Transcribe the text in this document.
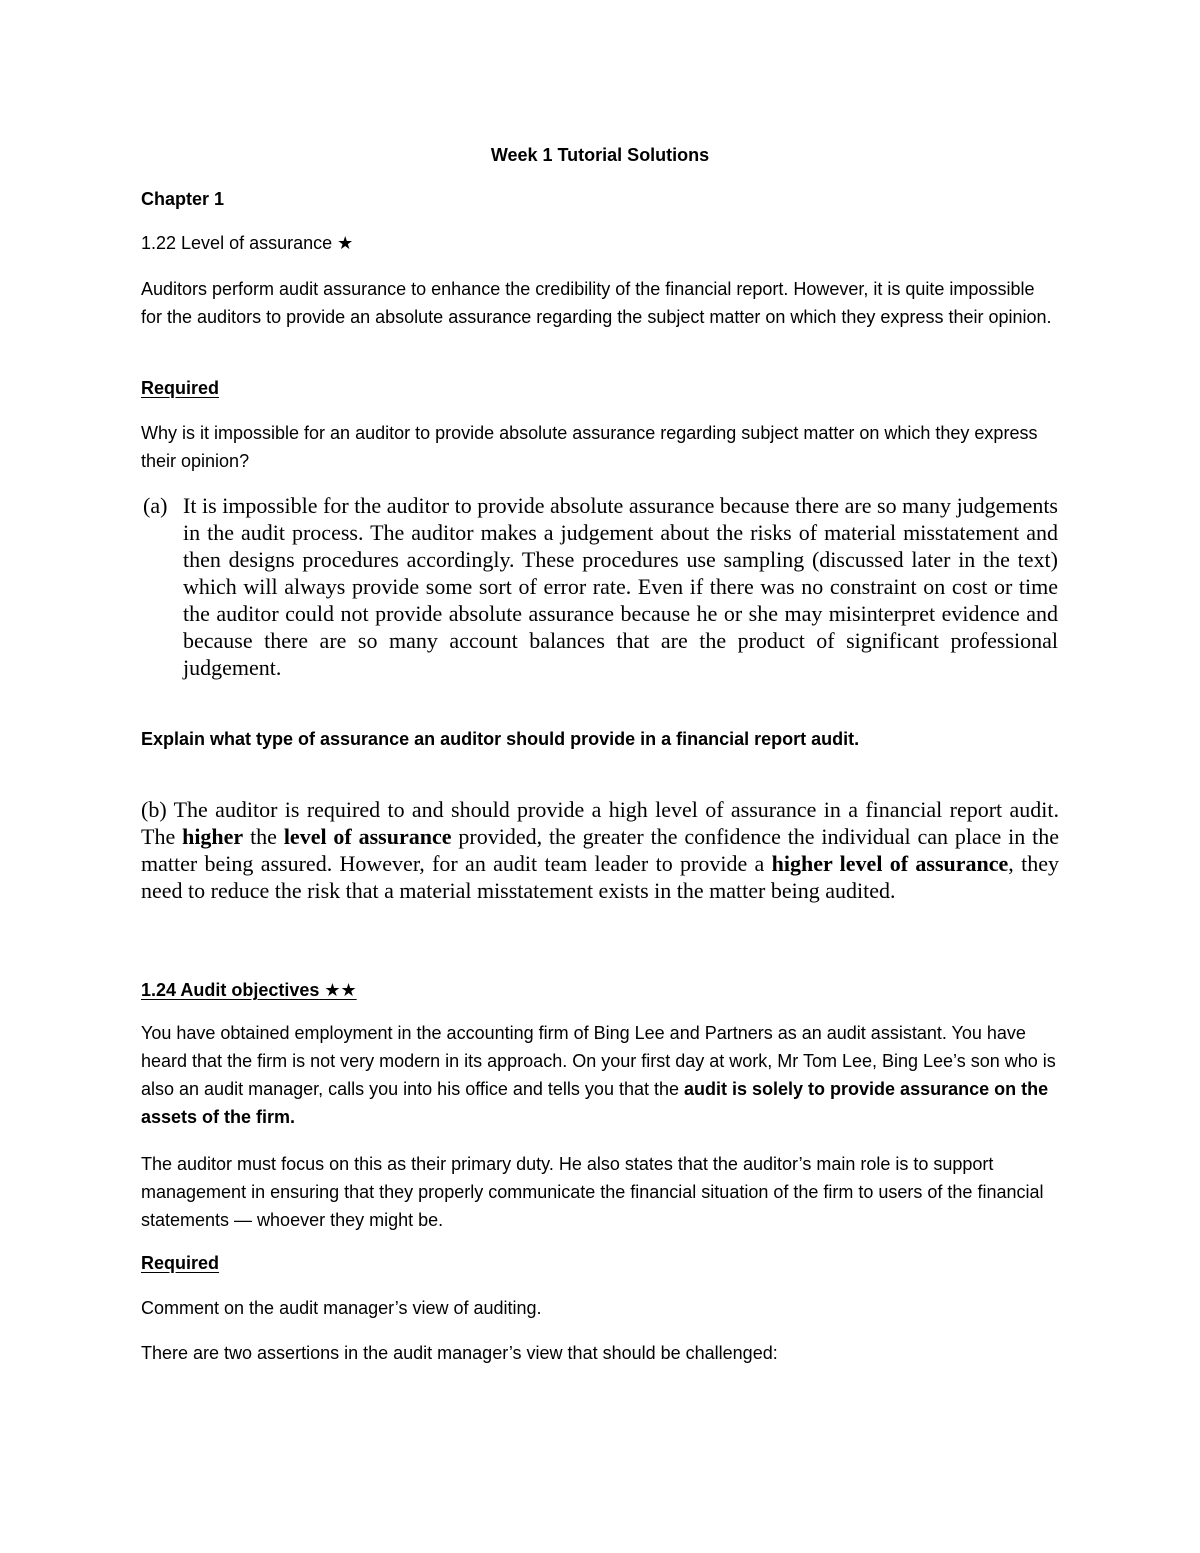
Week 1 Tutorial Solutions

Chapter 1

1.22 Level of assurance ★

Auditors perform audit assurance to enhance the credibility of the financial report. However, it is quite impossible for the auditors to provide an absolute assurance regarding the subject matter on which they express their opinion.

Required

Why is it impossible for an auditor to provide absolute assurance regarding subject matter on which they express their opinion?

(a) It is impossible for the auditor to provide absolute assurance because there are so many judgements in the audit process. The auditor makes a judgement about the risks of material misstatement and then designs procedures accordingly. These procedures use sampling (discussed later in the text) which will always provide some sort of error rate. Even if there was no constraint on cost or time the auditor could not provide absolute assurance because he or she may misinterpret evidence and because there are so many account balances that are the product of significant professional judgement.

Explain what type of assurance an auditor should provide in a financial report audit.

(b) The auditor is required to and should provide a high level of assurance in a financial report audit. The higher the level of assurance provided, the greater the confidence the individual can place in the matter being assured. However, for an audit team leader to provide a higher level of assurance, they need to reduce the risk that a material misstatement exists in the matter being audited.

1.24 Audit objectives ★★

You have obtained employment in the accounting firm of Bing Lee and Partners as an audit assistant. You have heard that the firm is not very modern in its approach. On your first day at work, Mr Tom Lee, Bing Lee’s son who is also an audit manager, calls you into his office and tells you that the audit is solely to provide assurance on the assets of the firm.

The auditor must focus on this as their primary duty. He also states that the auditor’s main role is to support management in ensuring that they properly communicate the financial situation of the firm to users of the financial statements — whoever they might be.

Required

Comment on the audit manager’s view of auditing.

There are two assertions in the audit manager’s view that should be challenged:
